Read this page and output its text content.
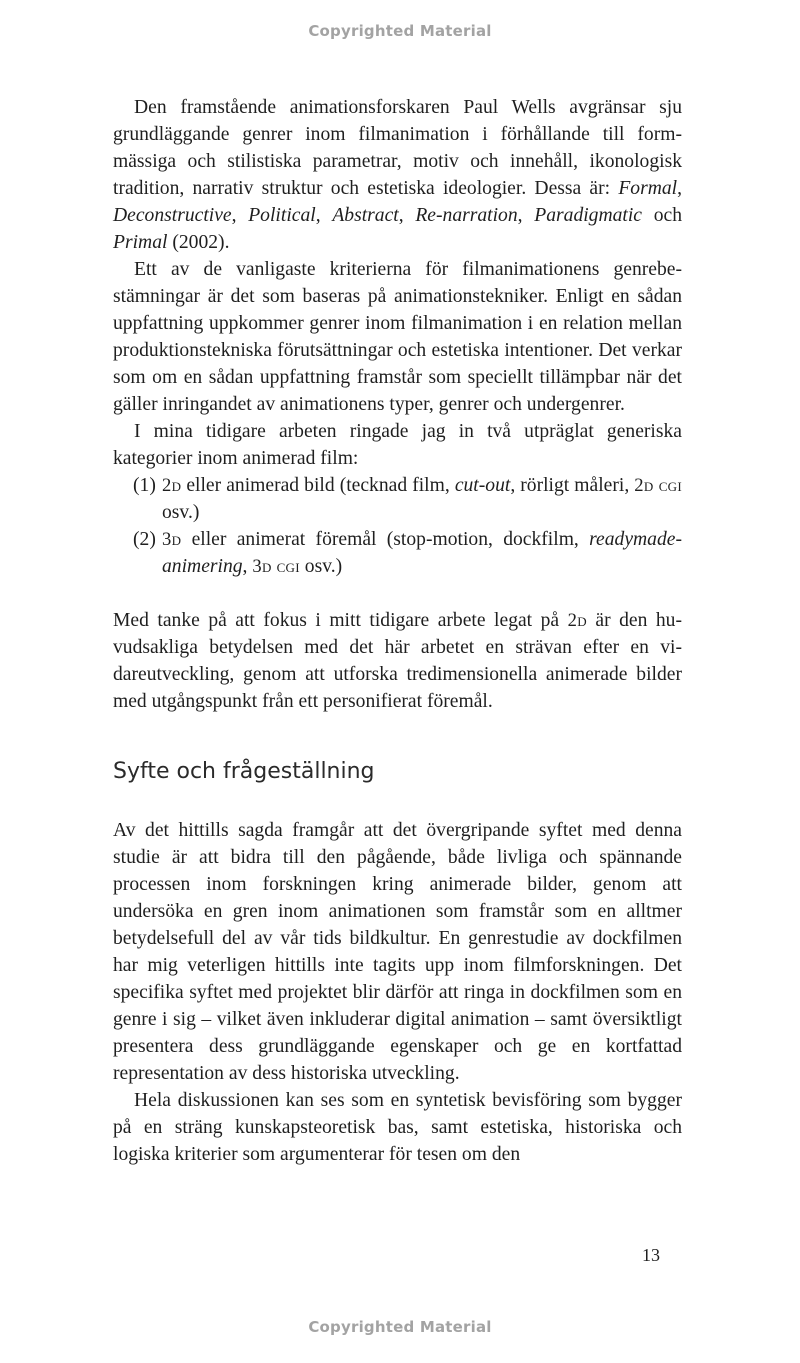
Copyrighted Material

Den framstående animationsforskaren Paul Wells avgränsar sju grundläggande genrer inom filmanimation i förhållande till formmässiga och stilistiska parametrar, motiv och innehåll, ikonologisk tradition, narrativ struktur och estetiska ideologier. Dessa är: Formal, Deconstructive, Political, Abstract, Re-narration, Paradigmatic och Primal (2002).

Ett av de vanligaste kriterierna för filmanimationens genrebestämningar är det som baseras på animationstekniker. Enligt en sådan uppfattning uppkommer genrer inom filmanimation i en relation mellan produktionstekniska förutsättningar och estetiska intentioner. Det verkar som om en sådan uppfattning framstår som speciellt tillämpbar när det gäller inringandet av animationens typer, genrer och undergenrer.

I mina tidigare arbeten ringade jag in två utpräglat generiska kategorier inom animerad film:

(1) 2d eller animerad bild (tecknad film, cut-out, rörligt måleri, 2d cgi osv.)
(2) 3d eller animerat föremål (stop-motion, dockfilm, readymade-animering, 3d cgi osv.)

Med tanke på att fokus i mitt tidigare arbete legat på 2d är den huvudsakliga betydelsen med det här arbetet en strävan efter en vidareutveckling, genom att utforska tredimensionella animerade bilder med utgångspunkt från ett personifierat föremål.

Syfte och frågeställning

Av det hittills sagda framgår att det övergripande syftet med denna studie är att bidra till den pågående, både livliga och spännande processen inom forskningen kring animerade bilder, genom att undersöka en gren inom animationen som framstår som en alltmer betydelsefull del av vår tids bildkultur. En genrestudie av dockfilmen har mig veterligen hittills inte tagits upp inom filmforskningen. Det specifika syftet med projektet blir därför att ringa in dockfilmen som en genre i sig – vilket även inkluderar digital animation – samt översiktligt presentera dess grundläggande egenskaper och ge en kortfattad representation av dess historiska utveckling.

Hela diskussionen kan ses som en syntetisk bevisföring som bygger på en sträng kunskapsteoretisk bas, samt estetiska, historiska och logiska kriterier som argumenterar för tesen om den

13
Copyrighted Material
